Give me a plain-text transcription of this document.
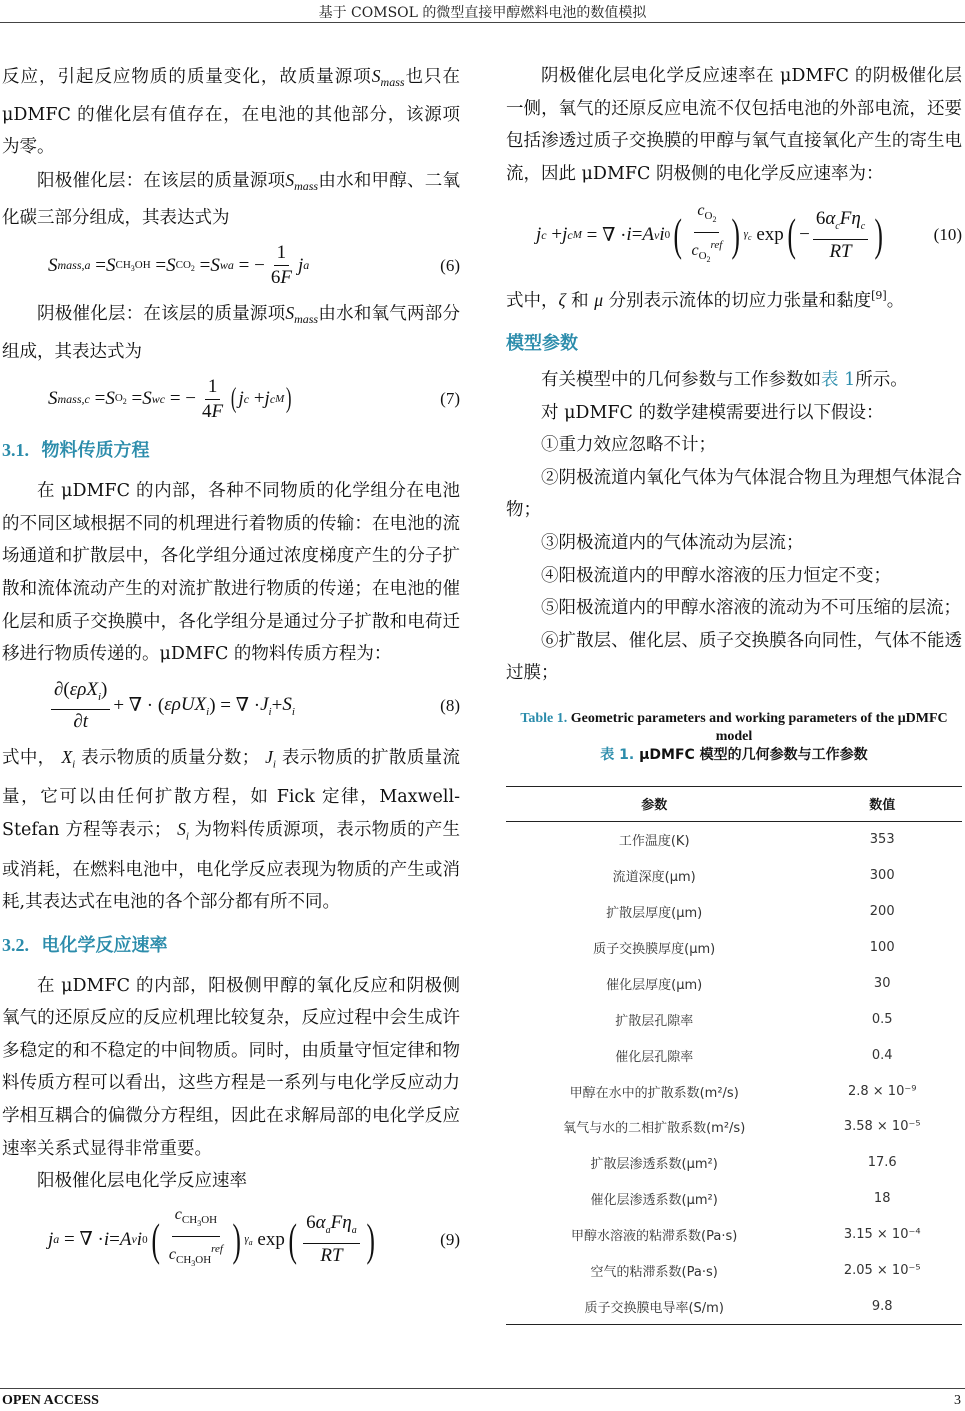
基于 COMSOL 的微型直接甲醇燃料电池的数值模拟

反应，引起反应物质的质量变化，故质量源项$S_{mass}$也只在 μDMFC 的催化层有值存在，在电池的其他部分，该源项为零。

阳极催化层：在该层的质量源项$S_{mass}$由水和甲醇、二氧化碳三部分组成，其表达式为

S mass ,a = S $CH_3OH = S$ $CO_2 = S$ wa = − $\frac{1}{6F}$ j a	(6)

阴极催化层：在该层的质量源项$S_{mass}$由水和氧气两部分组成，其表达式为

S mass ,c = S $O_2 = S$ wc = − $\frac{1}{4F}$ ( j c + j c M )	(7)
3.1. 物料传质方程

在 μDMFC 的内部，各种不同物质的化学组分在电池的不同区域根据不同的机理进行着物质的传输：在电池的流场通道和扩散层中，各化学组分通过浓度梯度产生的分子扩散和流体流动产生的对流扩散进行物质的传递；在电池的催化层和质子交换膜中，各化学组分是通过分子扩散和电荷迁移进行物质传递的。μDMFC 的物料传质方程为：

$\frac{\partial(\varepsilon\rho X_i)}{\partial t}$ + ∇ · ( ερUX$_i$ ) = ∇ · $J_i + S_i$	(8)

式中， $X_i$ 表示物质的质量分数； $J_i$ 表示物质的扩散质量流量，它可以由任何扩散方程，如 Fick 定律，Maxwell-Stefan 方程等表示； $S_i$ 为物料传质源项，表示物质的产生或消耗，在燃料电池中，电化学反应表现为物质的产生或消耗,其表达式在电池的各个部分都有所不同。

3.2. 电化学反应速率

在 μDMFC 的内部，阳极侧甲醇的氧化反应和阴极侧氧气的还原反应的反应机理比较复杂，反应过程中会生成许多稳定的和不稳定的中间物质。同时，由质量守恒定律和物料传质方程可以看出，这些方程是一系列与电化学反应动力学相互耦合的偏微分方程组，因此在求解局部的电化学反应速率关系式显得非常重要。

阳极催化层电化学反应速率

j a = ∇ · i = A v i 0 ( $\frac{c_{CH_3OH}}{c_{CH_3OH}^{ref}}$ ) $\gamma_a$ exp ( $\frac{6\alpha_aF\eta_a}{RT}$ )	(9)

阴极催化层电化学反应速率在 μDMFC 的阴极催化层一侧，氧气的还原反应电流不仅包括电池的外部电流，还要包括渗透过质子交换膜的甲醇与氧气直接氧化产生的寄生电流，因此 μDMFC 阴极侧的电化学反应速率为：

j c + j c M = ∇ · i = A v i 0 ( $\frac{c_{O_2}}{c_{O_2}^{ref}}$ ) $\gamma_c$ exp ( − $\frac{6\alpha_cF\eta_c}{RT}$ )	(10)

式中，ζ 和 μ 分别表示流体的切应力张量和黏度[9]。

模型参数

有关模型中的几何参数与工作参数如表 1所示。

对 μDMFC 的数学建模需要进行以下假设：

①重力效应忽略不计；

②阴极流道内氧化气体为气体混合物且为理想气体混合物；

③阴极流道内的气体流动为层流；

④阳极流道内的甲醇水溶液的压力恒定不变；

⑤阳极流道内的甲醇水溶液的流动为不可压缩的层流；

⑥扩散层、催化层、质子交换膜各向同性，气体不能透过膜；

Table 1. Geometric parameters and working parameters of the μDMFC model
表 1. μDMFC 模型的几何参数与工作参数
参数	数值
工作温度(K)	353
流道深度(μm)	300
扩散层厚度(μm)	200
质子交换膜厚度(μm)	100
催化层厚度(μm)	30
扩散层孔隙率	0.5
催化层孔隙率	0.4
甲醇在水中的扩散系数(m²/s)	2.8 × 10⁻⁹
氧气与水的二相扩散系数(m²/s)	3.58 × 10⁻⁵
扩散层渗透系数(μm²)	17.6
催化层渗透系数(μm²)	18
甲醇水溶液的粘滞系数(Pa·s)	3.15 × 10⁻⁴
空气的粘滞系数(Pa·s)	2.05 × 10⁻⁵
质子交换膜电导率(S/m)	9.8
OPEN ACCESS	3
